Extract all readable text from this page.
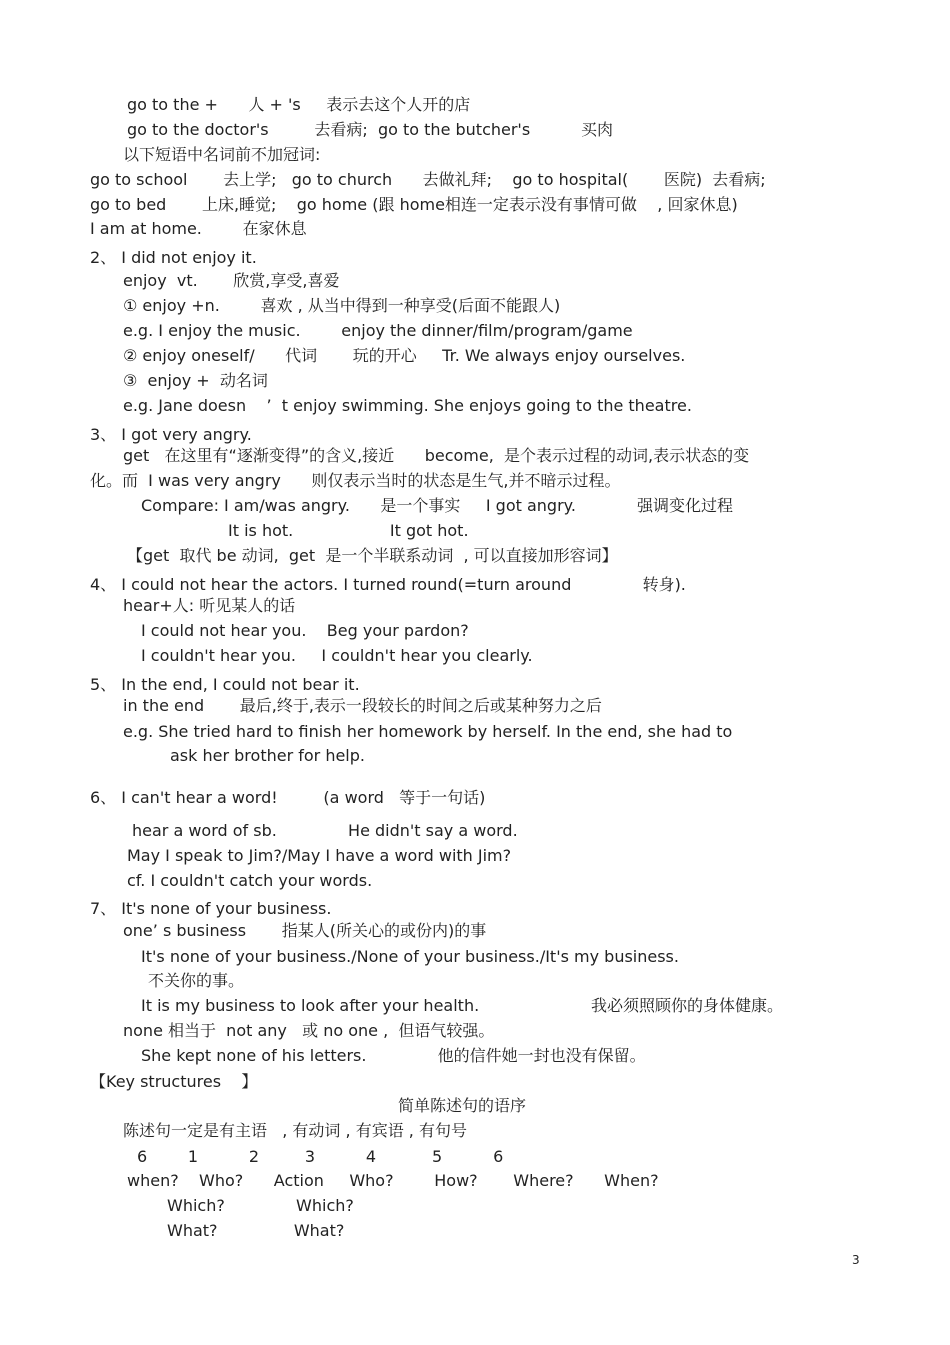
go to the +      人 + 's     表示去这个人开的店
go to the doctor's         去看病;  go to the butcher's          买肉
以下短语中名词前不加冠词:
go to school       去上学;   go to church      去做礼拜;    go to hospital(       医院)  去看病;
go to bed       上床,睡觉;    go home (跟 home相连一定表示没有事情可做    , 回家休息)
I am at home.        在家休息
2、 I did not enjoy it.
enjoy  vt.       欣赏,享受,喜爱
① enjoy +n.        喜欢 , 从当中得到一种享受(后面不能跟人)
e.g. I enjoy the music.        enjoy the dinner/film/program/game
② enjoy oneself/      代词       玩的开心     Tr. We always enjoy ourselves.
③  enjoy +  动名词
e.g. Jane doesn    ’  t enjoy swimming. She enjoys going to the theatre.
3、 I got very angry.
get   在这里有“逐渐变得”的含义,接近      become,  是个表示过程的动词,表示状态的变
化。而  I was very angry      则仅表示当时的状态是生气,并不暗示过程。
Compare: I am/was angry.      是一个事实     I got angry.            强调变化过程
It is hot.                   It got hot.
【get  取代 be 动词,  get  是一个半联系动词  , 可以直接加形容词】
4、 I could not hear the actors. I turned round(=turn around              转身).
hear+人: 听见某人的话
I could not hear you.    Beg your pardon?
I couldn't hear you.     I couldn't hear you clearly.
5、 In the end, I could not bear it.
in the end       最后,终于,表示一段较长的时间之后或某种努力之后
e.g. She tried hard to finish her homework by herself. In the end, she had to
ask her brother for help.
6、 I can't hear a word!         (a word   等于一句话)
hear a word of sb.              He didn't say a word.
May I speak to Jim?/May I have a word with Jim?
cf. I couldn't catch your words.
7、 It's none of your business.
one’ s business       指某人(所关心的或份内)的事
It's none of your business./None of your business./It's my business.
不关你的事。
It is my business to look after your health.                      我必须照顾你的身体健康。
none 相当于  not any   或 no one ,  但语气较强。
She kept none of his letters.              他的信件她一封也没有保留。
【Key structures    】
简单陈述句的语序
陈述句一定是有主语   , 有动词 , 有宾语 , 有句号
6        1          2         3          4           5          6
when?    Who?      Action     Who?        How?       Where?      When?
Which?              Which?
What?               What?
3
